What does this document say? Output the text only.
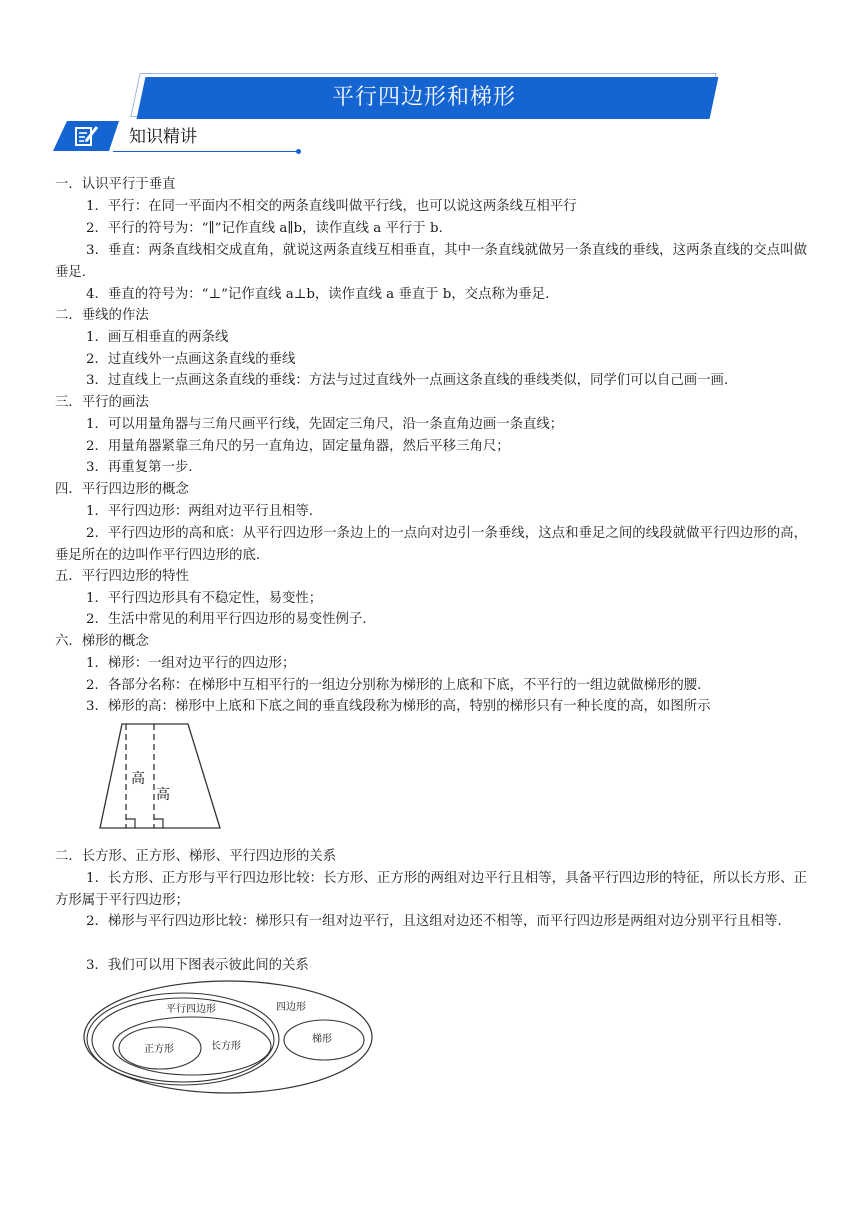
平行四边形和梯形
知识精讲
一．认识平行于垂直
1．平行：在同一平面内不相交的两条直线叫做平行线，也可以说这两条线互相平行
2．平行的符号为：“∥”记作直线 a∥b，读作直线 a 平行于 b.
3．垂直：两条直线相交成直角，就说这两条直线互相垂直，其中一条直线就做另一条直线的垂线，这两条直线的交点叫做垂足.
4．垂直的符号为：“⊥”记作直线 a⊥b，读作直线 a 垂直于 b，交点称为垂足.
二．垂线的作法
1．画互相垂直的两条线
2．过直线外一点画这条直线的垂线
3．过直线上一点画这条直线的垂线：方法与过过直线外一点画这条直线的垂线类似，同学们可以自己画一画.
三．平行的画法
1．可以用量角器与三角尺画平行线，先固定三角尺，沿一条直角边画一条直线；
2．用量角器紧靠三角尺的另一直角边，固定量角器，然后平移三角尺；
3．再重复第一步.
四．平行四边形的概念
1．平行四边形：两组对边平行且相等.
2．平行四边形的高和底：从平行四边形一条边上的一点向对边引一条垂线，这点和垂足之间的线段就做平行四边形的高，垂足所在的边叫作平行四边形的底.
五．平行四边形的特性
1．平行四边形具有不稳定性，易变性；
2．生活中常见的利用平行四边形的易变性例子.
六．梯形的概念
1．梯形：一组对边平行的四边形；
2．各部分名称：在梯形中互相平行的一组边分别称为梯形的上底和下底，不平行的一组边就做梯形的腰.
3．梯形的高：梯形中上底和下底之间的垂直线段称为梯形的高，特别的梯形只有一种长度的高，如图所示
二．长方形、正方形、梯形、平行四边形的关系
1．长方形、正方形与平行四边形比较：长方形、正方形的两组对边平行且相等，具备平行四边形的特征，所以长方形、正方形属于平行四边形；
2．梯形与平行四边形比较：梯形只有一组对边平行，且这组对边还不相等，而平行四边形是两组对边分别平行且相等.
3．我们可以用下图表示彼此间的关系
高
高
平行四边形	四边形
长方形
正方形
梯形
